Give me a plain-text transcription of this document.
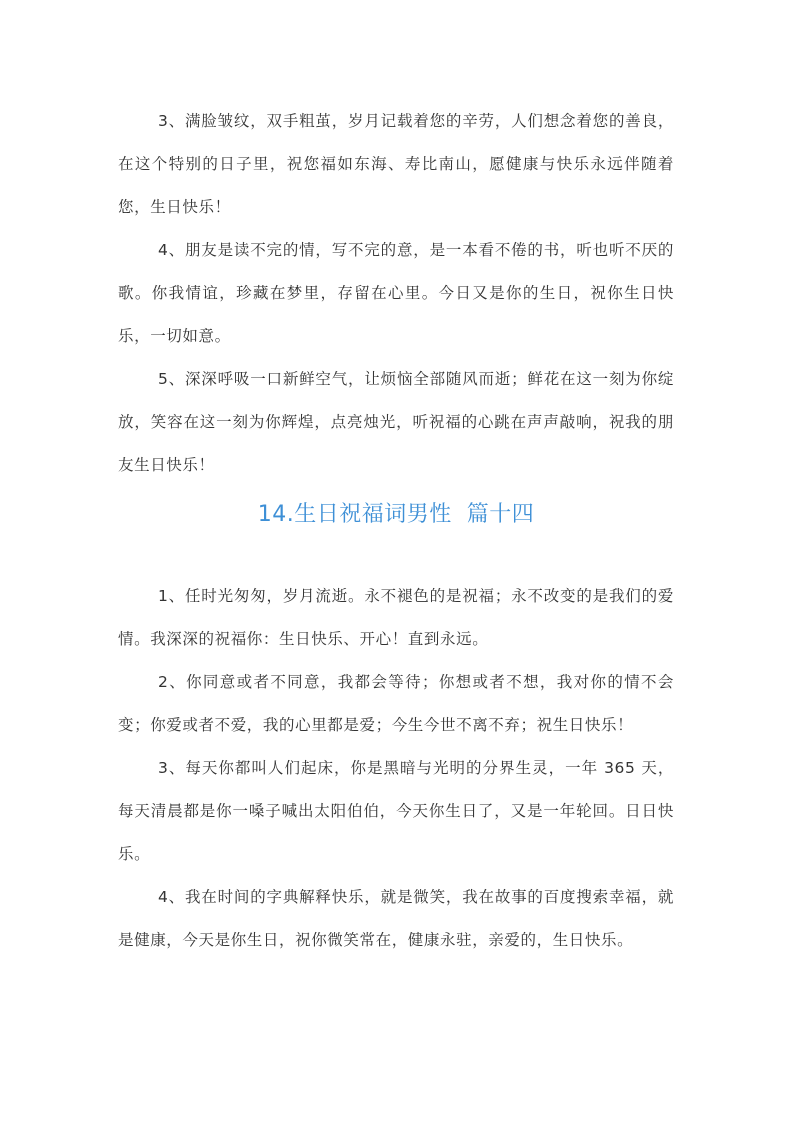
3、满脸皱纹，双手粗茧，岁月记载着您的辛劳，人们想念着您的善良，在这个特别的日子里，祝您福如东海、寿比南山，愿健康与快乐永远伴随着您，生日快乐！

4、朋友是读不完的情，写不完的意，是一本看不倦的书，听也听不厌的歌。你我情谊，珍藏在梦里，存留在心里。今日又是你的生日，祝你生日快乐，一切如意。

5、深深呼吸一口新鲜空气，让烦恼全部随风而逝；鲜花在这一刻为你绽放，笑容在这一刻为你辉煌，点亮烛光，听祝福的心跳在声声敲响，祝我的朋友生日快乐！

14.生日祝福词男性  篇十四

1、任时光匆匆，岁月流逝。永不褪色的是祝福；永不改变的是我们的爱情。我深深的祝福你：生日快乐、开心！直到永远。

2、你同意或者不同意，我都会等待；你想或者不想，我对你的情不会变；你爱或者不爱，我的心里都是爱；今生今世不离不弃；祝生日快乐！

3、每天你都叫人们起床，你是黑暗与光明的分界生灵，一年 365 天，每天清晨都是你一嗓子喊出太阳伯伯，今天你生日了，又是一年轮回。日日快乐。

4、我在时间的字典解释快乐，就是微笑，我在故事的百度搜索幸福，就是健康，今天是你生日，祝你微笑常在，健康永驻，亲爱的，生日快乐。
